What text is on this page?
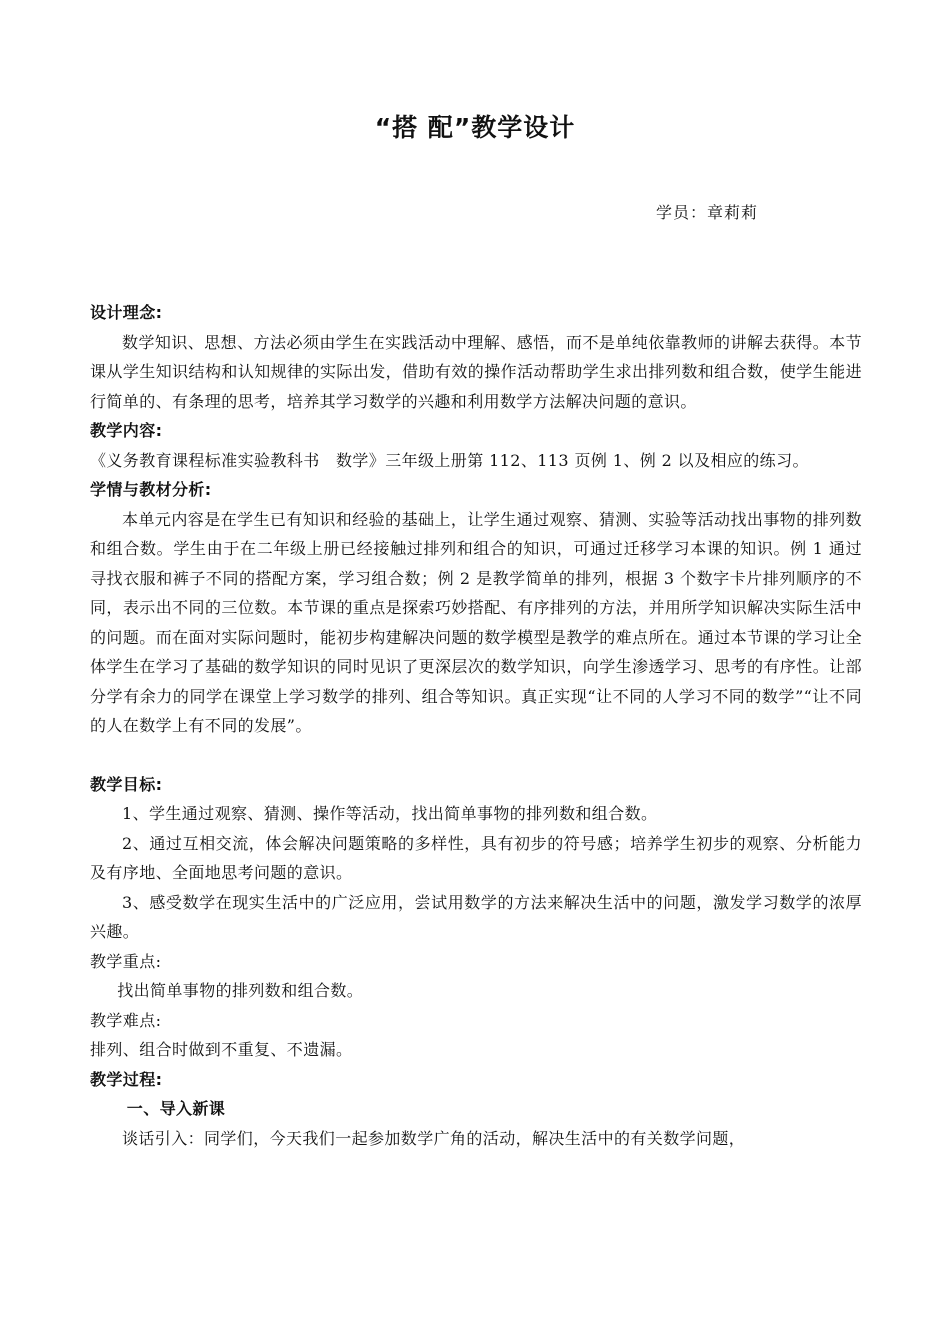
“搭 配”教学设计
学员：章莉莉

设计理念:

数学知识、思想、方法必须由学生在实践活动中理解、感悟，而不是单纯依靠教师的讲解去获得。本节课从学生知识结构和认知规律的实际出发，借助有效的操作活动帮助学生求出排列数和组合数，使学生能进行简单的、有条理的思考，培养其学习数学的兴趣和利用数学方法解决问题的意识。

教学内容:

《义务教育课程标准实验教科书　数学》三年级上册第 112、113 页例 1、例 2 以及相应的练习。

学情与教材分析:

本单元内容是在学生已有知识和经验的基础上，让学生通过观察、猜测、实验等活动找出事物的排列数和组合数。学生由于在二年级上册已经接触过排列和组合的知识，可通过迁移学习本课的知识。例 1 通过寻找衣服和裤子不同的搭配方案，学习组合数；例 2 是教学简单的排列，根据 3 个数字卡片排列顺序的不同，表示出不同的三位数。本节课的重点是探索巧妙搭配、有序排列的方法，并用所学知识解决实际生活中的问题。而在面对实际问题时，能初步构建解决问题的数学模型是教学的难点所在。通过本节课的学习让全体学生在学习了基础的数学知识的同时见识了更深层次的数学知识，向学生渗透学习、思考的有序性。让部分学有余力的同学在课堂上学习数学的排列、组合等知识。真正实现“让不同的人学习不同的数学”“让不同的人在数学上有不同的发展”。

教学目标:

1、学生通过观察、猜测、操作等活动，找出简单事物的排列数和组合数。

2、通过互相交流，体会解决问题策略的多样性，具有初步的符号感；培养学生初步的观察、分析能力及有序地、全面地思考问题的意识。

3、感受数学在现实生活中的广泛应用，尝试用数学的方法来解决生活中的问题，激发学习数学的浓厚兴趣。

教学重点:

找出简单事物的排列数和组合数。

教学难点:

排列、组合时做到不重复、不遗漏。

教学过程:

一、导入新课

谈话引入：同学们，今天我们一起参加数学广角的活动，解决生活中的有关数学问题，
